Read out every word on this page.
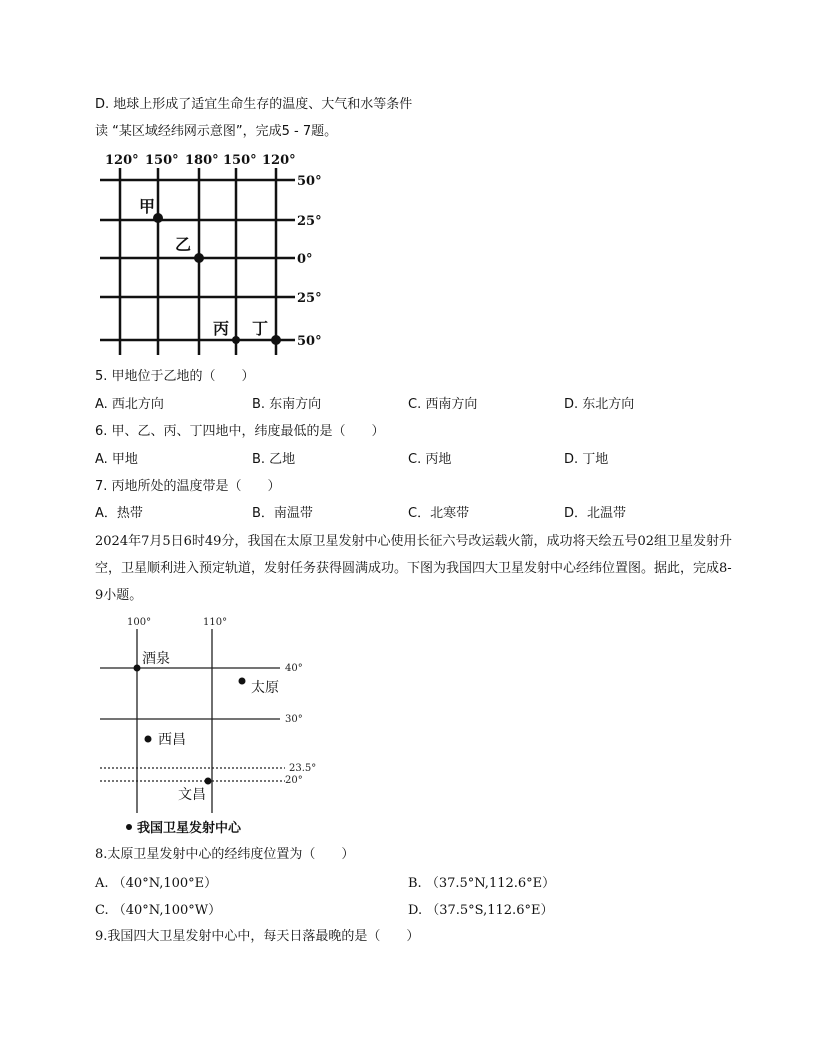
D. 地球上形成了适宜生命生存的温度、大气和水等条件
读 “某区域经纬网示意图”，完成5 - 7题。
120° 150° 180° 150° 120°
50°
25°
0°
25°
50°
甲
乙
丙 丁
5. 甲地位于乙地的（　　）
A. 西北方向	B. 东南方向	C. 西南方向	D. 东北方向
6. 甲、乙、丙、丁四地中，纬度最低的是（　　）
A. 甲地	B. 乙地	C. 丙地	D. 丁地
7. 丙地所处的温度带是（　　）
A．热带	B．南温带	C．北寒带	D．北温带
2024年7月5日6时49分，我国在太原卫星发射中心使用长征六号改运载火箭，成功将天绘五号02组卫星发射升空，卫星顺利进入预定轨道，发射任务获得圆满成功。下图为我国四大卫星发射中心经纬位置图。据此，完成8-9小题。
100°	110°
40°
30°
23.5°
20°
酒泉
太原
西昌
文昌
我国卫星发射中心
8.太原卫星发射中心的经纬度位置为（　　）
A. （40°N,100°E）	B. （37.5°N,112.6°E）
C. （40°N,100°W）	D. （37.5°S,112.6°E）
9.我国四大卫星发射中心中，每天日落最晚的是（　　）
